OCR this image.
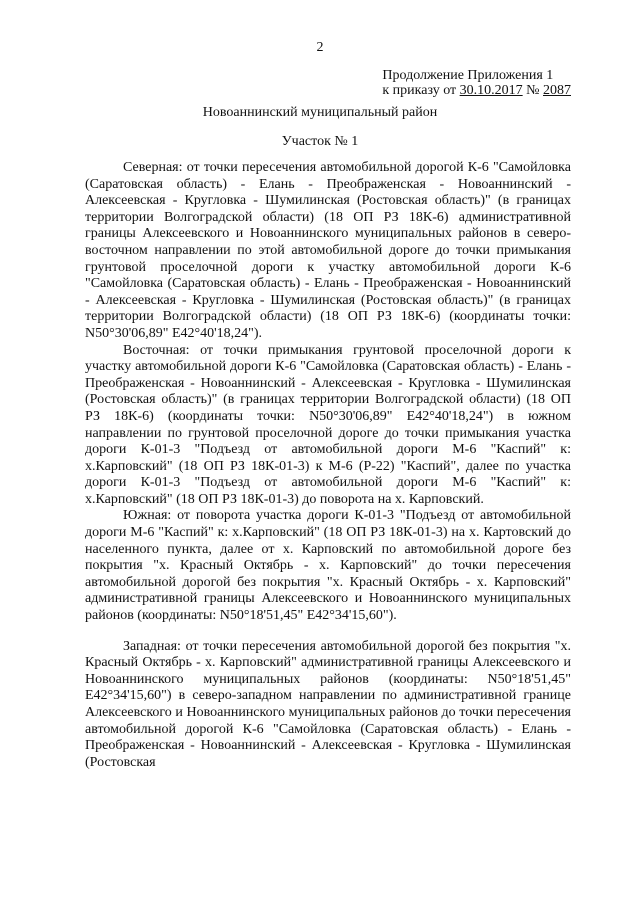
2
Продолжение Приложения 1
к приказу от 30.10.2017 № 2087
Новоаннинский муниципальный район
Участок № 1

Северная: от точки пересечения автомобильной дорогой К-6 "Самойловка (Саратовская область) - Елань - Преображенская - Новоаннинский - Алексеевская - Кругловка - Шумилинская (Ростовская область)" (в границах территории Волгоградской области) (18 ОП РЗ 18К-6) административной границы Алексеевского и Новоаннинского муниципальных районов в северо-восточном направлении по этой автомобильной дороге до точки примыкания грунтовой проселочной дороги к участку автомобильной дороги К-6 "Самойловка (Саратовская область) - Елань - Преображенская - Новоаннинский - Алексеевская - Кругловка - Шумилинская (Ростовская область)" (в границах территории Волгоградской области) (18 ОП РЗ 18К-6) (координаты точки: N50°30'06,89" E42°40'18,24").

Восточная: от точки примыкания грунтовой проселочной дороги к участку автомобильной дороги К-6 "Самойловка (Саратовская область) - Елань - Преображенская - Новоаннинский - Алексеевская - Кругловка - Шумилинская (Ростовская область)" (в границах территории Волгоградской области) (18 ОП РЗ 18К-6) (координаты точки: N50°30'06,89" E42°40'18,24") в южном направлении по грунтовой проселочной дороге до точки примыкания участка дороги К-01-3 "Подъезд от автомобильной дороги М-6 "Каспий" к: х.Карповский" (18 ОП РЗ 18К-01-3) к М-6 (Р-22) "Каспий", далее по участка дороги К-01-3 "Подъезд от автомобильной дороги М-6 "Каспий" к: х.Карповский" (18 ОП РЗ 18К-01-3) до поворота на х. Карповский.

Южная: от поворота участка дороги К-01-3 "Подъезд от автомобильной дороги М-6 "Каспий" к: х.Карповский" (18 ОП РЗ 18К-01-3) на х. Картовский до населенного пункта, далее от х. Карповский по автомобильной дороге без покрытия "х. Красный Октябрь - х. Карповский" до точки пересечения автомобильной дорогой без покрытия "х. Красный Октябрь - х. Карповский" административной границы Алексеевского и Новоаннинского муниципальных районов (координаты: N50°18'51,45" E42°34'15,60").

Западная: от точки пересечения автомобильной дорогой без покрытия "х. Красный Октябрь - х. Карповский" административной границы Алексеевского и Новоаннинского муниципальных районов (координаты: N50°18'51,45" E42°34'15,60") в северо-западном направлении по административной границе Алексеевского и Новоаннинского муниципальных районов до точки пересечения автомобильной дорогой К-6 "Самойловка (Саратовская область) - Елань - Преображенская - Новоаннинский - Алексеевская - Кругловка - Шумилинская (Ростовская
